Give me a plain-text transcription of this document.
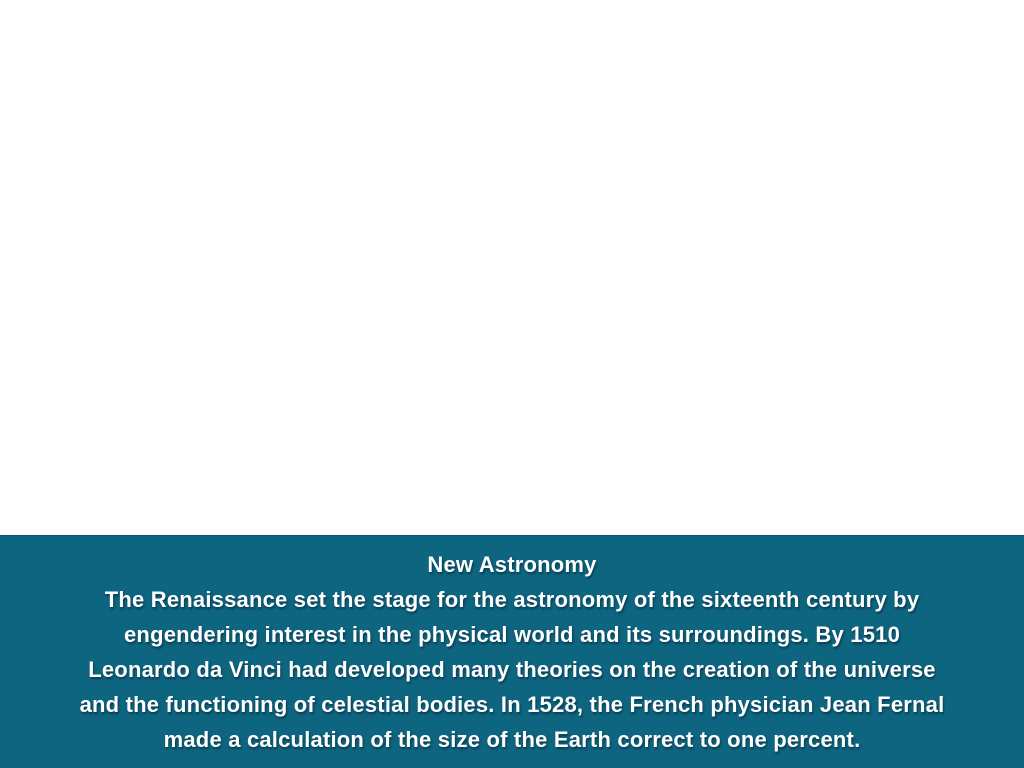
New Astronomy
The Renaissance set the stage for the astronomy of the sixteenth century by
engendering interest in the physical world and its surroundings. By 1510
Leonardo da Vinci had developed many theories on the creation of the universe
and the functioning of celestial bodies. In 1528, the French physician Jean Fernal
made a calculation of the size of the Earth correct to one percent.
